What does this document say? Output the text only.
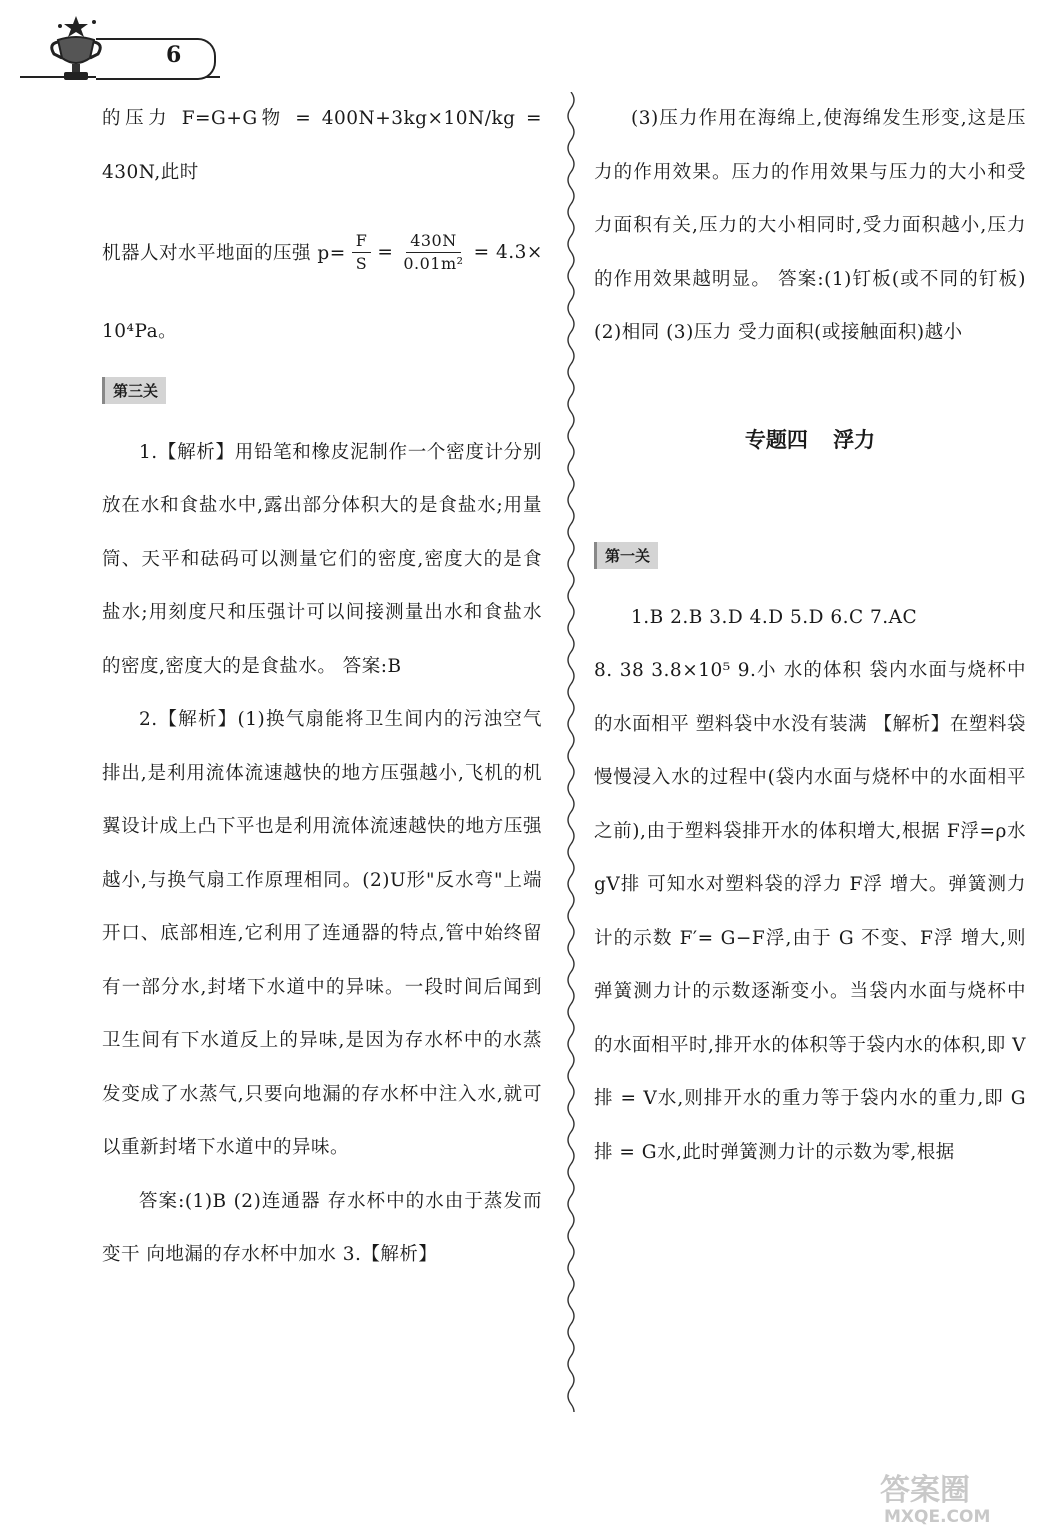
6

的压力 F=G+G物 = 400N+3kg×10N/kg = 430N,此时

机器人对水平地面的压强 $p= \frac{F}{S} = \frac{430N}{\text{0.01m²}} = 4.3\times$

10⁴Pa。

第三关

1.【解析】用铅笔和橡皮泥制作一个密度计分别放在水和食盐水中,露出部分体积大的是食盐水;用量筒、天平和砝码可以测量它们的密度,密度大的是食盐水;用刻度尺和压强计可以间接测量出水和食盐水的密度,密度大的是食盐水。 答案:B

2.【解析】(1)换气扇能将卫生间内的污浊空气排出,是利用流体流速越快的地方压强越小,飞机的机翼设计成上凸下平也是利用流体流速越快的地方压强越小,与换气扇工作原理相同。(2)U形"反水弯"上端开口、底部相连,它利用了连通器的特点,管中始终留有一部分水,封堵下水道中的异味。一段时间后闻到卫生间有下水道反上的异味,是因为存水杯中的水蒸发变成了水蒸气,只要向地漏的存水杯中注入水,就可以重新封堵下水道中的异味。

答案:(1)B (2)连通器 存水杯中的水由于蒸发而变干 向地漏的存水杯中加水 3.【解析】

(3)压力作用在海绵上,使海绵发生形变,这是压力的作用效果。压力的作用效果与压力的大小和受力面积有关,压力的大小相同时,受力面积越小,压力的作用效果越明显。 答案:(1)钉板(或不同的钉板) (2)相同 (3)压力 受力面积(或接触面积)越小

专题四 浮力
第一关

1.B 2.B 3.D 4.D 5.D 6.C 7.AC

8. 38 3.8×10⁵ 9.小 水的体积 袋内水面与烧杯中的水面相平 塑料袋中水没有装满 【解析】在塑料袋慢慢浸入水的过程中(袋内水面与烧杯中的水面相平之前),由于塑料袋排开水的体积增大,根据 F浮=ρ水 gV排 可知水对塑料袋的浮力 F浮 增大。弹簧测力计的示数 F′= G−F浮,由于 G 不变、F浮 增大,则弹簧测力计的示数逐渐变小。当袋内水面与烧杯中的水面相平时,排开水的体积等于袋内水的体积,即 V排 = V水,则排开水的重力等于袋内水的重力,即 G排 = G水,此时弹簧测力计的示数为零,根据

答案圈
MXQE.COM
